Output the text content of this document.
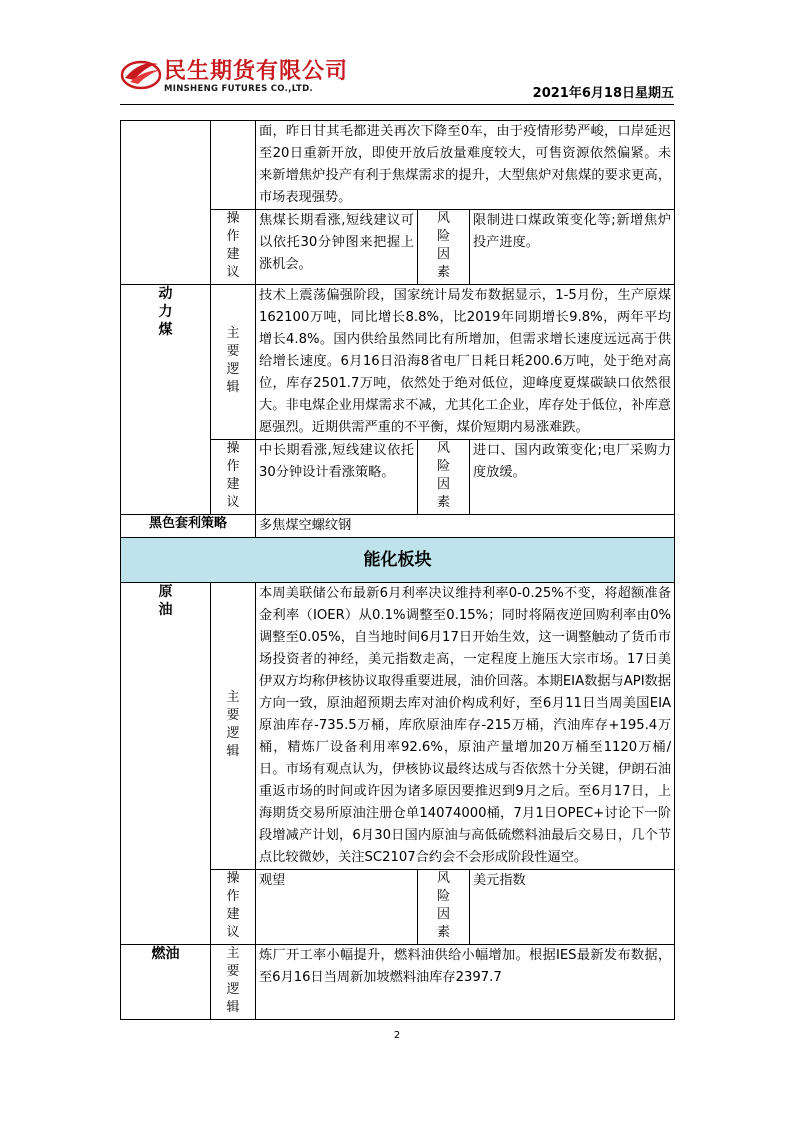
民生期货有限公司
MINSHENG FUTURES CO.,LTD.	2021年6月18日星期五
		面，昨日甘其毛都进关再次下降至0车，由于疫情形势严峻，口岸延迟至20日重新开放，即使开放后放量难度较大，可售资源依然偏紧。未来新增焦炉投产有利于焦煤需求的提升，大型焦炉对焦煤的要求更高，市场表现强势。		
	操作建议	焦煤长期看涨,短线建议可以依托30分钟图来把握上涨机会。	风险因素	限制进口煤政策变化等;新增焦炉投产进度。
动力煤	主要逻辑	技术上震荡偏强阶段，国家统计局发布数据显示，1-5月份，生产原煤162100万吨，同比增长8.8%，比2019年同期增长9.8%，两年平均增长4.8%。国内供给虽然同比有所增加，但需求增长速度远远高于供给增长速度。6月16日沿海8省电厂日耗日耗200.6万吨，处于绝对高位，库存2501.7万吨，依然处于绝对低位，迎峰度夏煤碳缺口依然很大。非电煤企业用煤需求不减，尤其化工企业，库存处于低位，补库意愿强烈。近期供需严重的不平衡，煤价短期内易涨难跌。		
	操作建议	中长期看涨,短线建议依托30分钟设计看涨策略。	风险因素	进口、国内政策变化;电厂采购力度放缓。
黑色套利策略		多焦煤空螺纹钢		
能化板块				
原油	主要逻辑	本周美联储公布最新6月利率决议维持利率0-0.25%不变，将超额准备金利率（IOER）从0.1%调整至0.15%；同时将隔夜逆回购利率由0%调整至0.05%，自当地时间6月17日开始生效，这一调整触动了货币市场投资者的神经，美元指数走高，一定程度上施压大宗市场。17日美伊双方均称伊核协议取得重要进展，油价回落。本期EIA数据与API数据方向一致，原油超预期去库对油价构成利好，至6月11日当周美国EIA原油库存-735.5万桶，库欣原油库存-215万桶，汽油库存+195.4万桶，精炼厂设备利用率92.6%，原油产量增加20万桶至1120万桶/日。市场有观点认为，伊核协议最终达成与否依然十分关键，伊朗石油重返市场的时间或许因为诸多原因要推迟到9月之后。至6月17日，上海期货交易所原油注册仓单14074000桶，7月1日OPEC+讨论下一阶段增减产计划，6月30日国内原油与高低硫燃料油最后交易日，几个节点比较微妙，关注SC2107合约会不会形成阶段性逼空。		
	操作建议	观望	风险因素	美元指数
燃油	主要逻辑	炼厂开工率小幅提升，燃料油供给小幅增加。根据IES最新发布数据，至6月16日当周新加坡燃料油库存2397.7		
2
